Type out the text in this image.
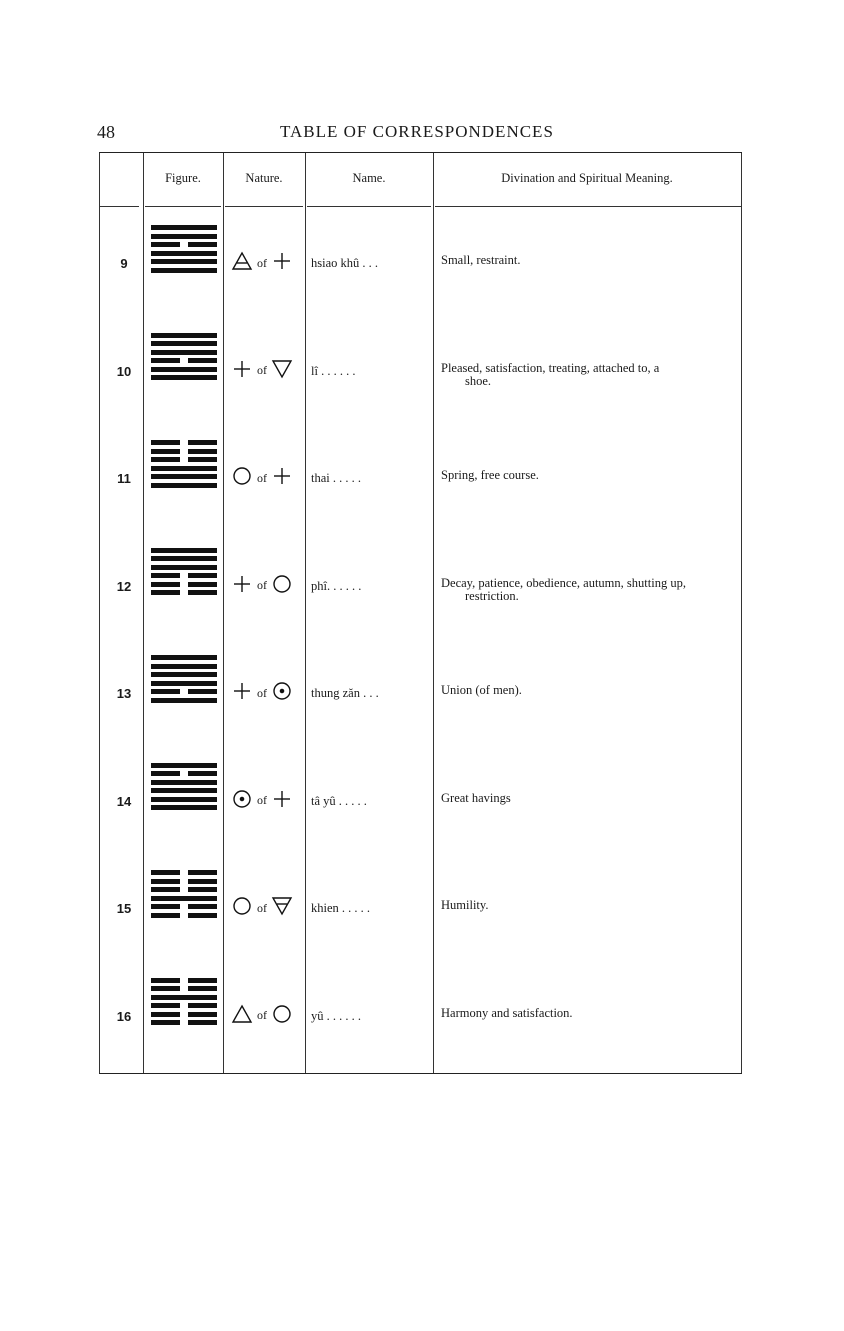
48	TABLE OF CORRESPONDENCES
Figure.	Nature.	Name.	Divination and Spiritual Meaning.
9	of	hsiao khû . . .	Small, restraint.
10	of	lî . . . . . .	Pleased, satisfaction, treating, attached to, a
shoe.
11	of	thai . . . . .	Spring, free course.
12	of	phî. . . . . .	Decay, patience, obedience, autumn, shutting up,
restriction.
13	of	thung zăn . . .	Union (of men).
14	of	tâ yû . . . . .	Great havings
15	of	khien . . . . .	Humility.
16	of	yû . . . . . .	Harmony and satisfaction.
